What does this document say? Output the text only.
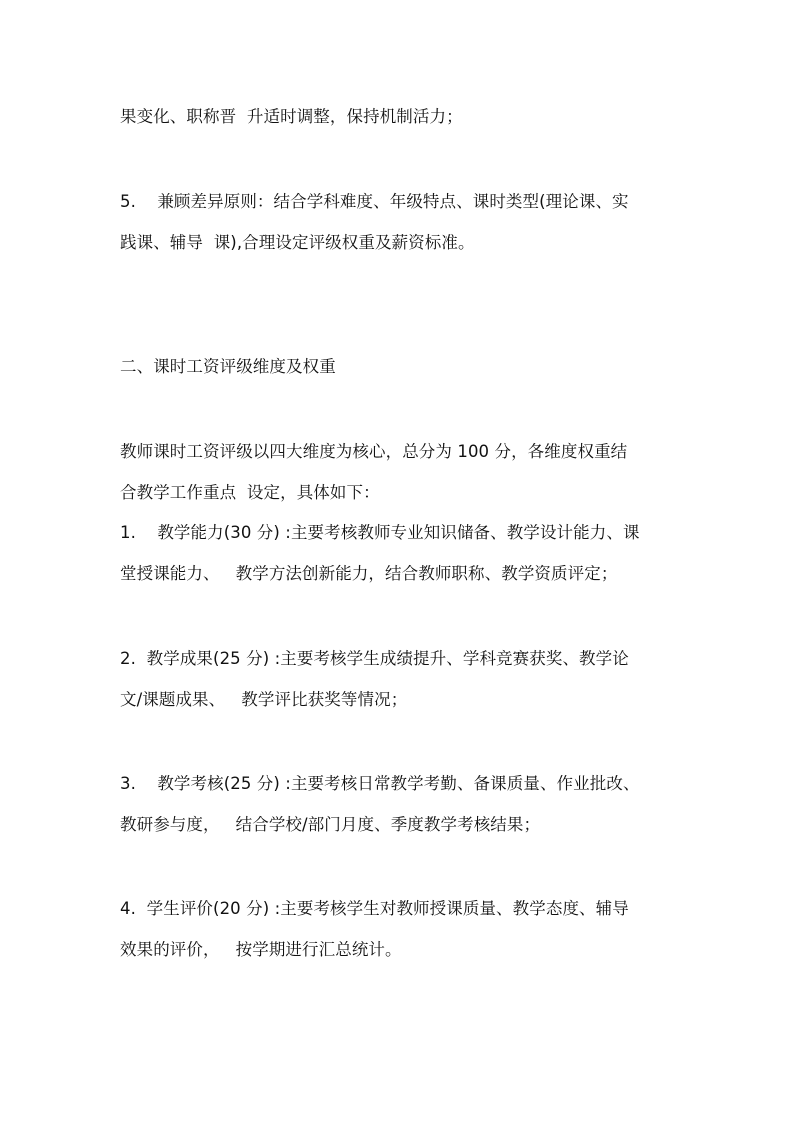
果变化、职称晋  升适时调整，保持机制活力；
5.    兼顾差异原则：结合学科难度、年级特点、课时类型(理论课、实
践课、辅导  课),合理设定评级权重及薪资标准。
二、课时工资评级维度及权重
教师课时工资评级以四大维度为核心，总分为 100 分，各维度权重结
合教学工作重点  设定，具体如下：
1.    教学能力(30 分) :主要考核教师专业知识储备、教学设计能力、课
堂授课能力、   教学方法创新能力，结合教师职称、教学资质评定；
2.  教学成果(25 分) :主要考核学生成绩提升、学科竞赛获奖、教学论
文/课题成果、   教学评比获奖等情况；
3.    教学考核(25 分) :主要考核日常教学考勤、备课质量、作业批改、
教研参与度，   结合学校/部门月度、季度教学考核结果；
4.  学生评价(20 分) :主要考核学生对教师授课质量、教学态度、辅导
效果的评价，   按学期进行汇总统计。
